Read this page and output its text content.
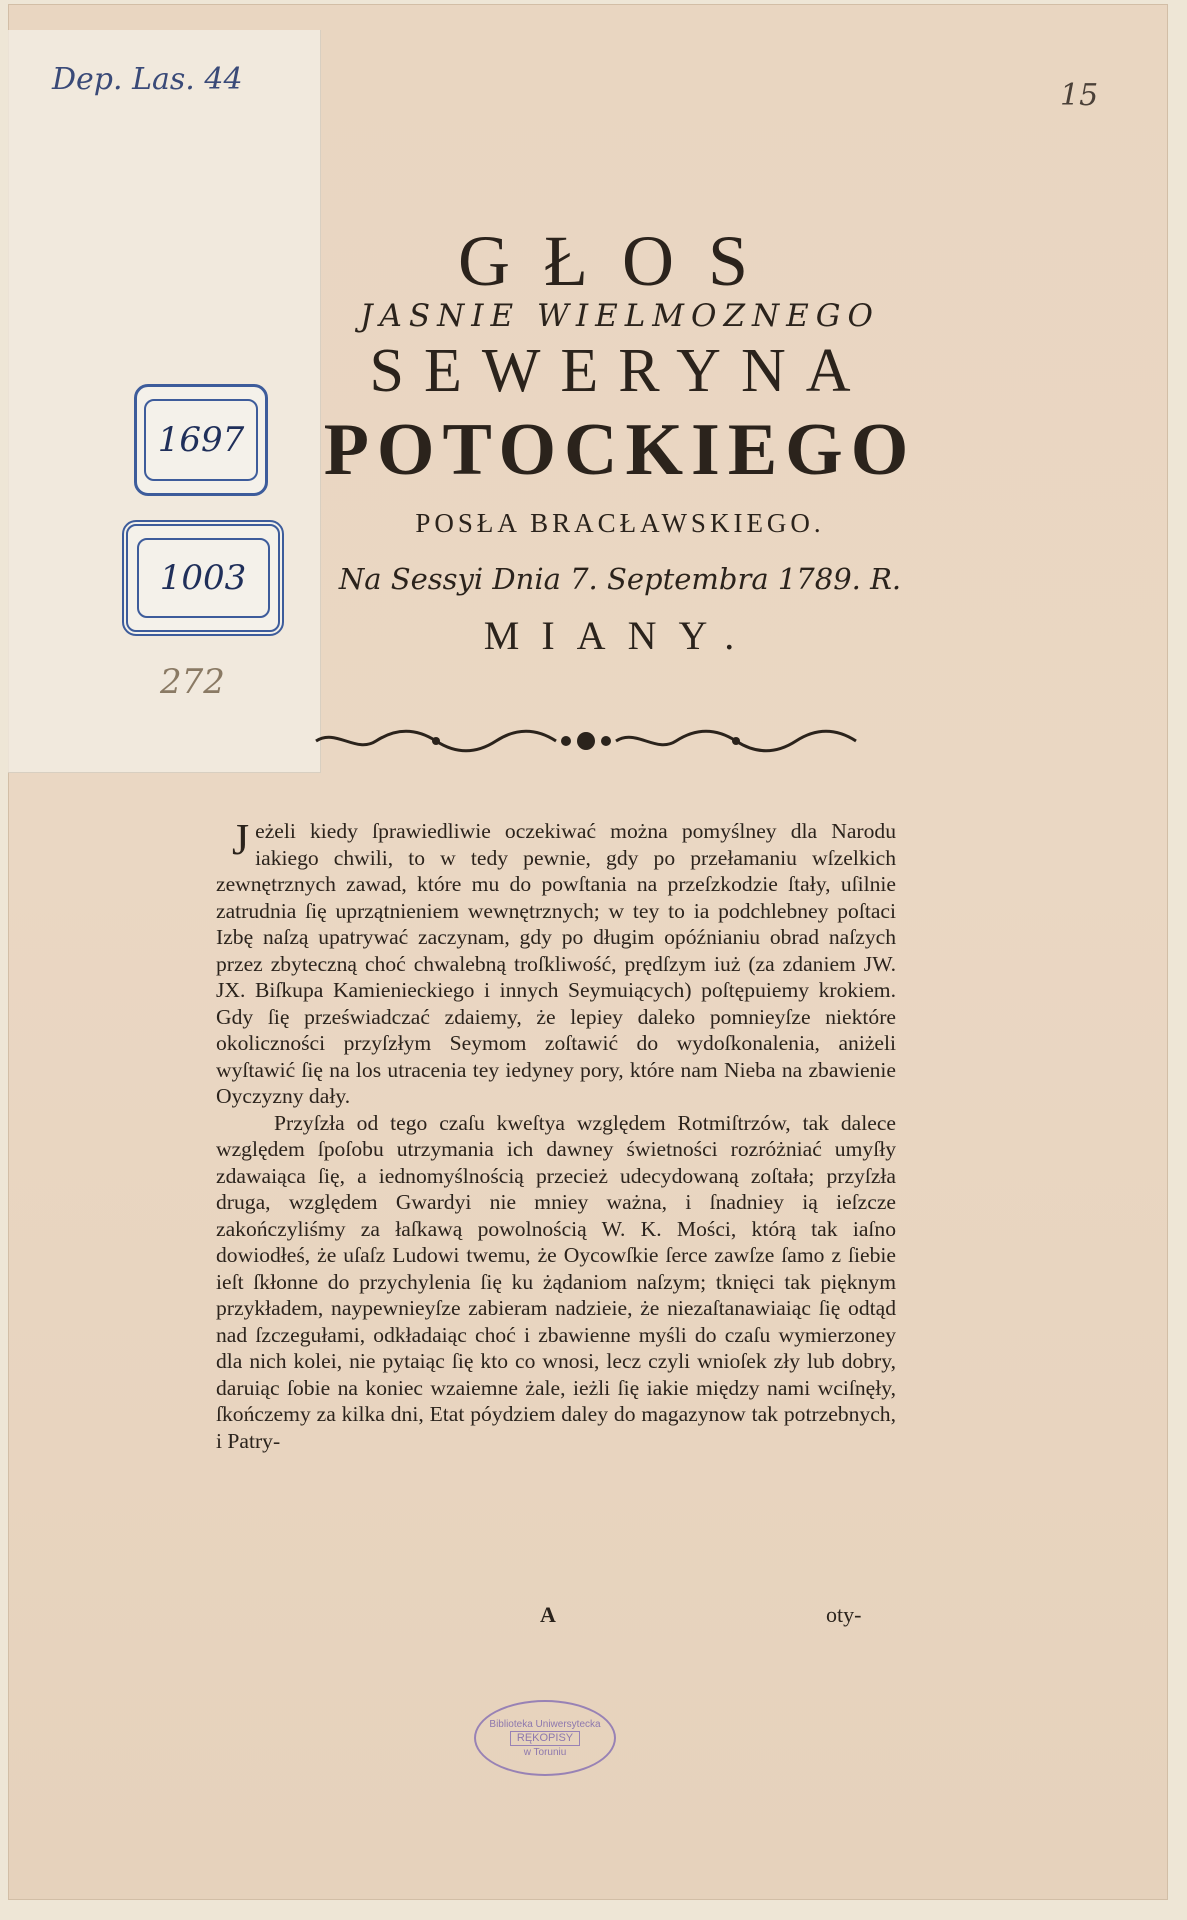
Dep. Las. 44	15
1697
1003
272
GŁOS
JASNIE WIELMOZNEGO
SEWERYNA
POTOCKIEGO
POSŁA BRACŁAWSKIEGO.
Na Sessyi Dnia 7. Septembra 1789. R.
MIANY.

Jeżeli kiedy ſprawiedliwie oczekiwać można pomyślney dla Narodu iakiego chwili, to w tedy pewnie, gdy po przełamaniu wſzelkich zewnętrznych zawad, które mu do powſtania na przeſzkodzie ſtały, uſilnie zatrudnia ſię uprzątnieniem wewnętrznych; w tey to ia podchlebney poſtaci Izbę naſzą upatrywać zaczynam, gdy po długim opóźnianiu obrad naſzych przez zbyteczną choć chwalebną troſkliwość, prędſzym iuż (za zdaniem JW. JX. Biſkupa Kamienieckiego i innych Seymuiących) poſtępuiemy krokiem. Gdy ſię przeświadczać zdaiemy, że lepiey daleko pomnieyſze niektóre okoliczności przyſzłym Seymom zoſtawić do wydoſkonalenia, aniżeli wyſtawić ſię na los utracenia tey iedyney pory, które nam Nieba na zbawienie Oyczyzny dały.

Przyſzła od tego czaſu kweſtya względem Rotmiſtrzów, tak dalece względem ſpoſobu utrzymania ich dawney świetności rozróżniać umyſły zdawaiąca ſię, a iednomyślnością przecież udecydowaną zoſtała; przyſzła druga, względem Gwardyi nie mniey ważna, i ſnadniey ią ieſzcze zakończyliśmy za łaſkawą powolnością W. K. Mości, którą tak iaſno dowiodłeś, że uſaſz Ludowi twemu, że Oycowſkie ſerce zawſze ſamo z ſiebie ieſt ſkłonne do przychylenia ſię ku żądaniom naſzym; tknięci tak pięknym przykładem, naypewnieyſze zabieram nadzieie, że niezaſtanawiaiąc ſię odtąd nad ſzczegułami, odkładaiąc choć i zbawienne myśli do czaſu wymierzoney dla nich kolei, nie pytaiąc ſię kto co wnosi, lecz czyli wnioſek zły lub dobry, daruiąc ſobie na koniec wzaiemne żale, ieżli ſię iakie między nami wciſnęły, ſkończemy za kilka dni, Etat póydziem daley do magazynow tak potrzebnych, i Patry-

A	oty-
Biblioteka Uniwersytecka
RĘKOPISY
w Toruniu
